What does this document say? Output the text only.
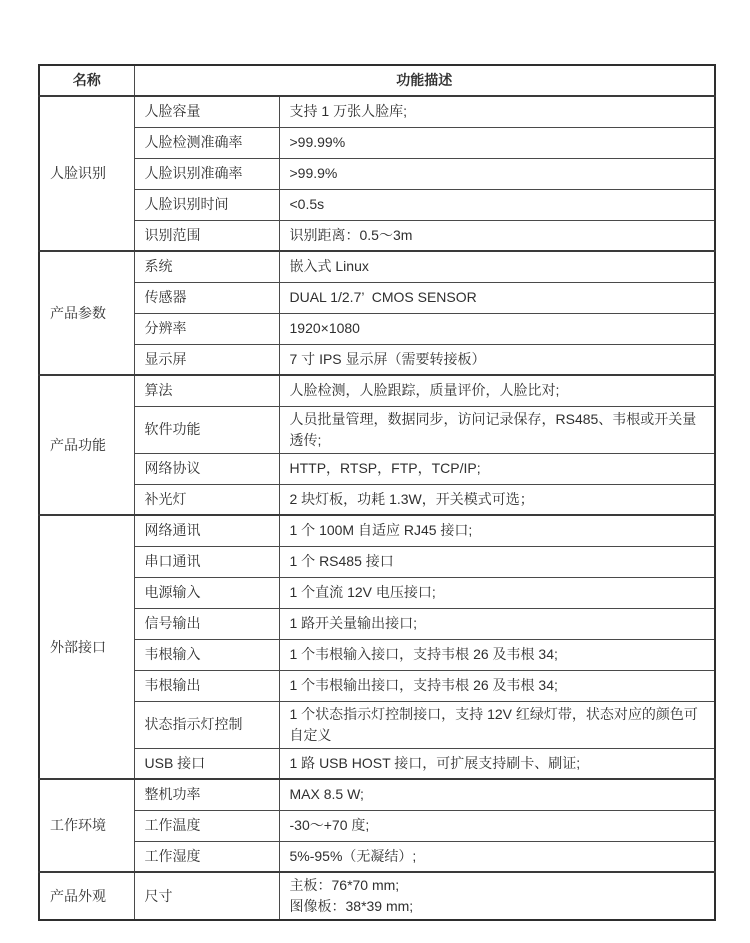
名称	功能描述	
人脸识别	人脸容量	支持 1 万张人脸库;
	人脸检测准确率	>99.99%
	人脸识别准确率	>99.9%
	人脸识别时间	<0.5s
	识别范围	识别距离：0.5～3m
产品参数	系统	嵌入式 Linux
	传感器	DUAL 1/2.7’  CMOS SENSOR
	分辨率	1920×1080
	显示屏	7 寸 IPS 显示屏（需要转接板）
产品功能	算法	人脸检测，人脸跟踪，质量评价，人脸比对;
	软件功能	人员批量管理，数据同步，访问记录保存，RS485、韦根或开关量透传;
	网络协议	HTTP，RTSP，FTP，TCP/IP;
	补光灯	2 块灯板，功耗 1.3W，开关模式可选；
外部接口	网络通讯	1 个 100M 自适应 RJ45 接口;
	串口通讯	1 个 RS485 接口
	电源输入	1 个直流 12V 电压接口;
	信号输出	1 路开关量输出接口;
	韦根输入	1 个韦根输入接口，支持韦根 26 及韦根 34;
	韦根输出	1 个韦根输出接口，支持韦根 26 及韦根 34;
	状态指示灯控制	1 个状态指示灯控制接口，支持 12V 红绿灯带，状态对应的颜色可自定义
	USB 接口	1 路 USB HOST 接口，可扩展支持刷卡、刷证;
工作环境	整机功率	MAX 8.5 W;
	工作温度	-30～+70 度;
	工作湿度	5%-95%（无凝结）;
产品外观	尺寸	主板：76*70 mm;
图像板：38*39 mm;
